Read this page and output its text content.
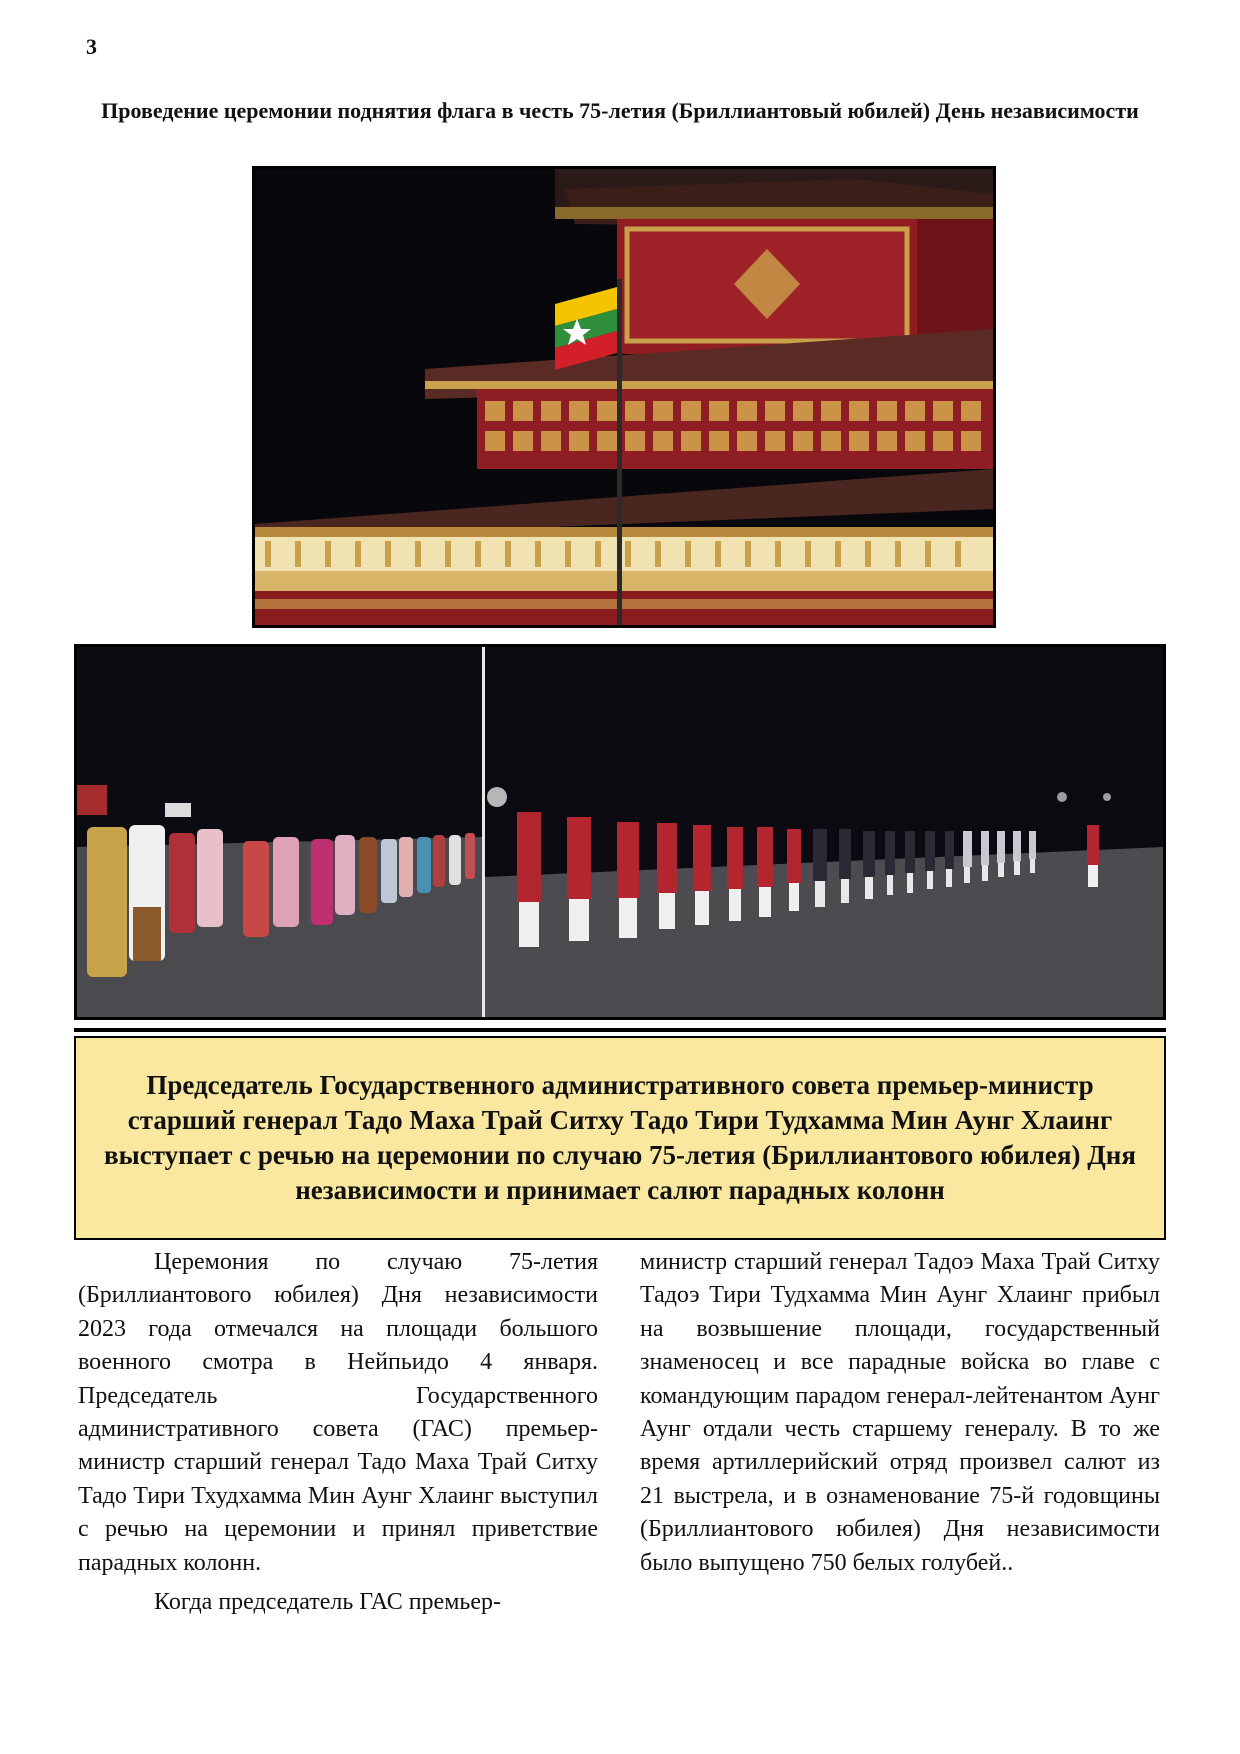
3
Проведение церемонии поднятия флага в честь 75-летия (Бриллиантовый юбилей) День независимости
Председатель Государственного административного совета премьер-министр старший генерал Тадо Маха Трай Ситху Тадо Тири Тудхамма Мин Аунг Хлаинг выступает с речью на церемонии по случаю 75-летия (Бриллиантового юбилея) Дня независимости и принимает салют парадных колонн

Церемония по случаю 75-летия (Бриллиантового юбилея) Дня независимости 2023 года отмечался на площади большого военного смотра в Нейпьидо 4 января. Председатель Государственного административного совета (ГАС) премьер-министр старший генерал Тадо Маха Трай Ситху Тадо Тири Тхудхамма Мин Аунг Хлаинг выступил с речью на церемонии и принял приветствие парадных колонн.

Когда председатель ГАС премьер-

министр старший генерал Тадоэ Маха Трай Ситху Тадоэ Тири Тудхамма Мин Аунг Хлаинг прибыл на возвышение площади, государственный знаменосец и все парадные войска во главе с командующим парадом генерал-лейтенантом Аунг Аунг отдали честь старшему генералу. В то же время артиллерийский отряд произвел салют из 21 выстрела, и в ознаменование 75-й годовщины (Бриллиантового юбилея) Дня независимости было выпущено 750 белых голубей..
